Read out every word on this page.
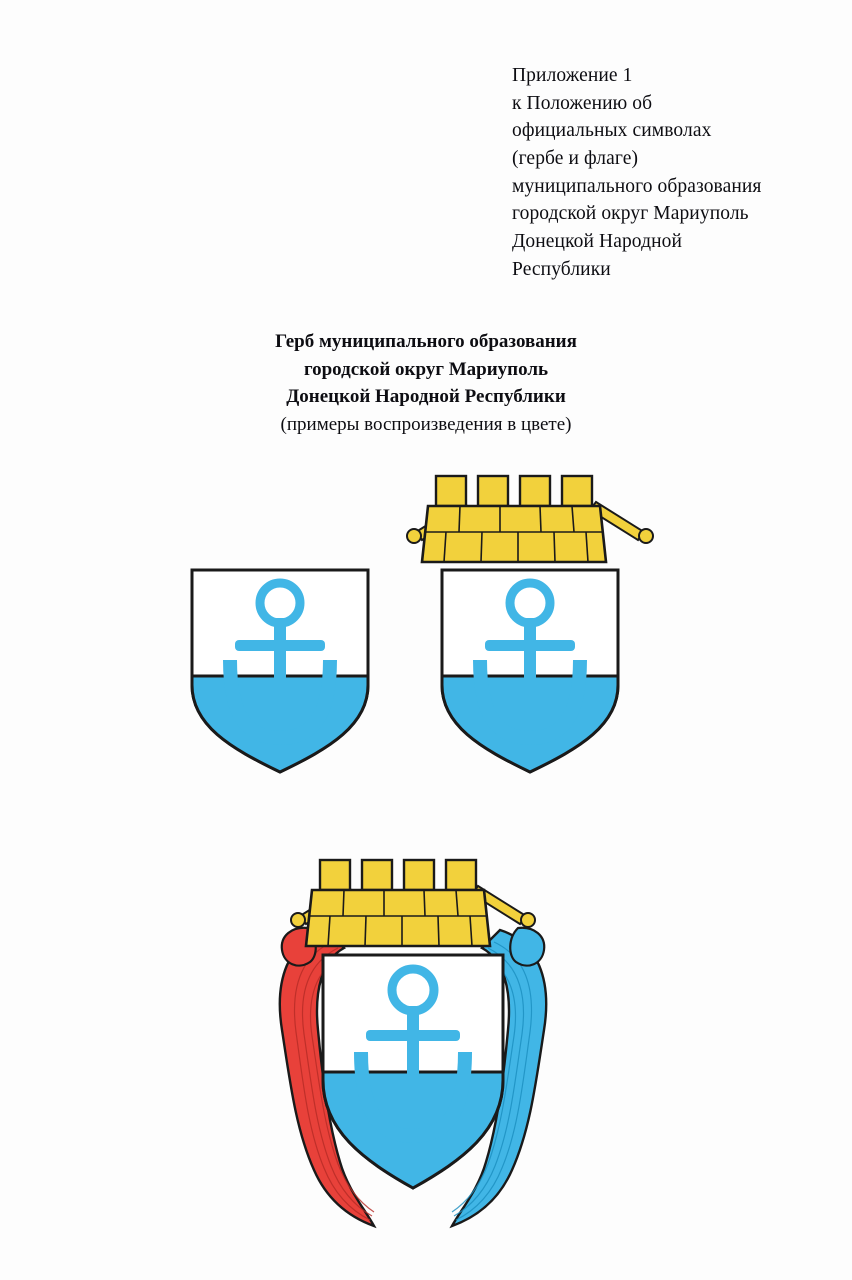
Приложение 1
к Положению об
официальных символах
(гербе и флаге)
муниципального образования
городской округ Мариуполь
Донецкой Народной
Республики
Герб муниципального образования
городской округ Мариуполь
Донецкой Народной Республики
(примеры воспроизведения в цвете)
